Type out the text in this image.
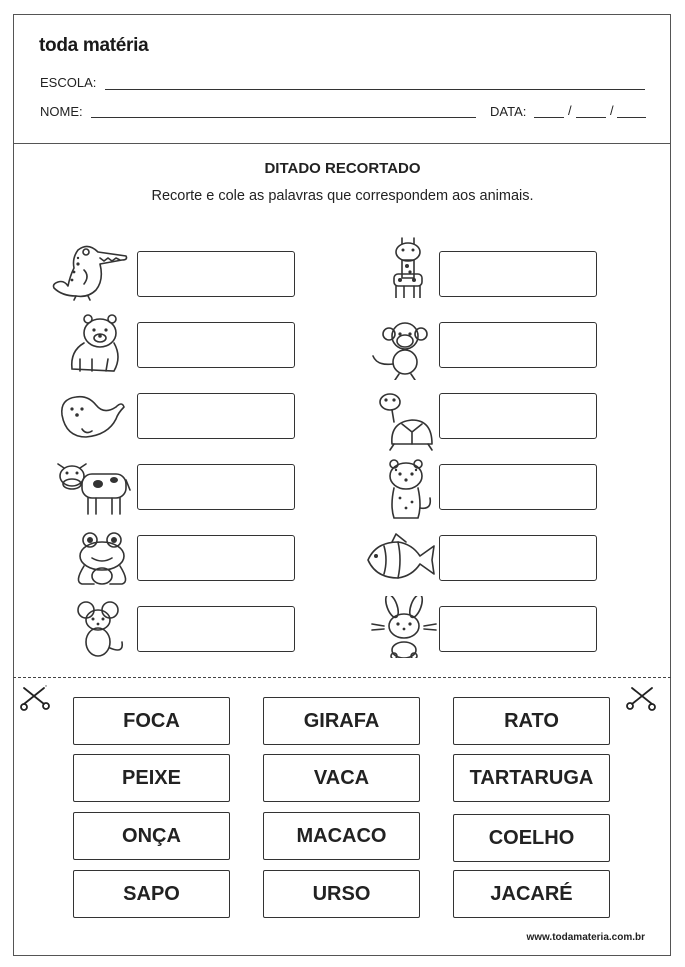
toda matéria
ESCOLA:
NOME:	DATA:	/	/
DITADO RECORTADO
Recorte e cole as palavras que correspondem aos animais.
FOCA	GIRAFA	RATO
PEIXE	VACA	TARTARUGA
ONÇA	MACACO	COELHO
SAPO	URSO	JACARÉ
www.todamateria.com.br
